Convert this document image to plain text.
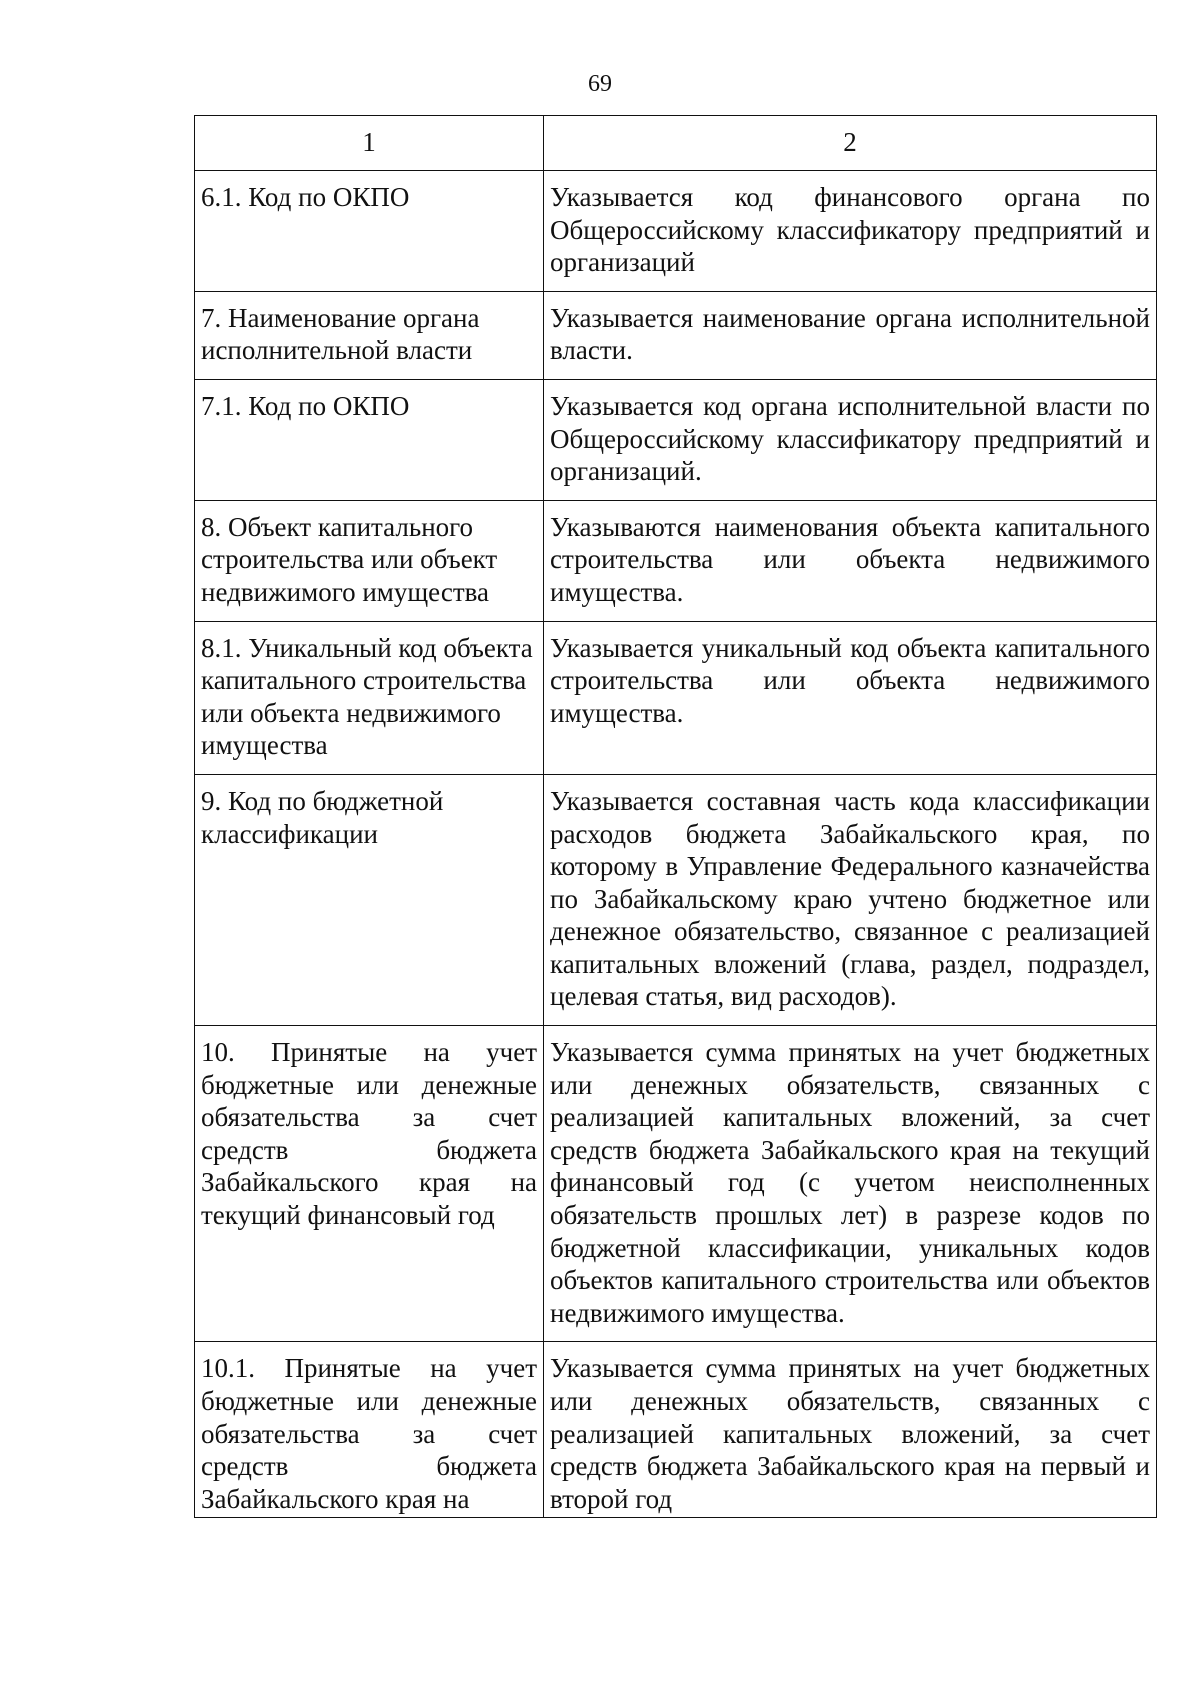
69
1	2
6.1. Код по ОКПО	Указывается код финансового органа по Общероссийскому классификатору предприятий и организаций
7. Наименование органа исполнительной власти	Указывается наименование органа исполнительной власти.
7.1. Код по ОКПО	Указывается код органа исполнительной власти по Общероссийскому классификатору предприятий и организаций.
8. Объект капитального строительства или объект недвижимого имущества	Указываются наименования объекта капитального строительства или объекта недвижимого имущества.
8.1. Уникальный код объекта капитального строительства или объекта недвижимого имущества	Указывается уникальный код объекта капитального строительства или объекта недвижимого имущества.
9. Код по бюджетной классификации	Указывается составная часть кода классификации расходов бюджета Забайкальского края, по которому в Управление Федерального казначейства по Забайкальскому краю учтено бюджетное или денежное обязательство, связанное с реализацией капитальных вложений (глава, раздел, подраздел, целевая статья, вид расходов).
10. Принятые на учет бюджетные или денежные обязательства за счет средств бюджета Забайкальского края на текущий финансовый год	Указывается сумма принятых на учет бюджетных или денежных обязательств, связанных с реализацией капитальных вложений, за счет средств бюджета Забайкальского края на текущий финансовый год (с учетом неисполненных обязательств прошлых лет) в разрезе кодов по бюджетной классификации, уникальных кодов объектов капитального строительства или объектов недвижимого имущества.
10.1. Принятые на учет бюджетные или денежные обязательства за счет средств бюджета Забайкальского края на	Указывается сумма принятых на учет бюджетных или денежных обязательств, связанных с реализацией капитальных вложений, за счет средств бюджета Забайкальского края на первый и второй год
